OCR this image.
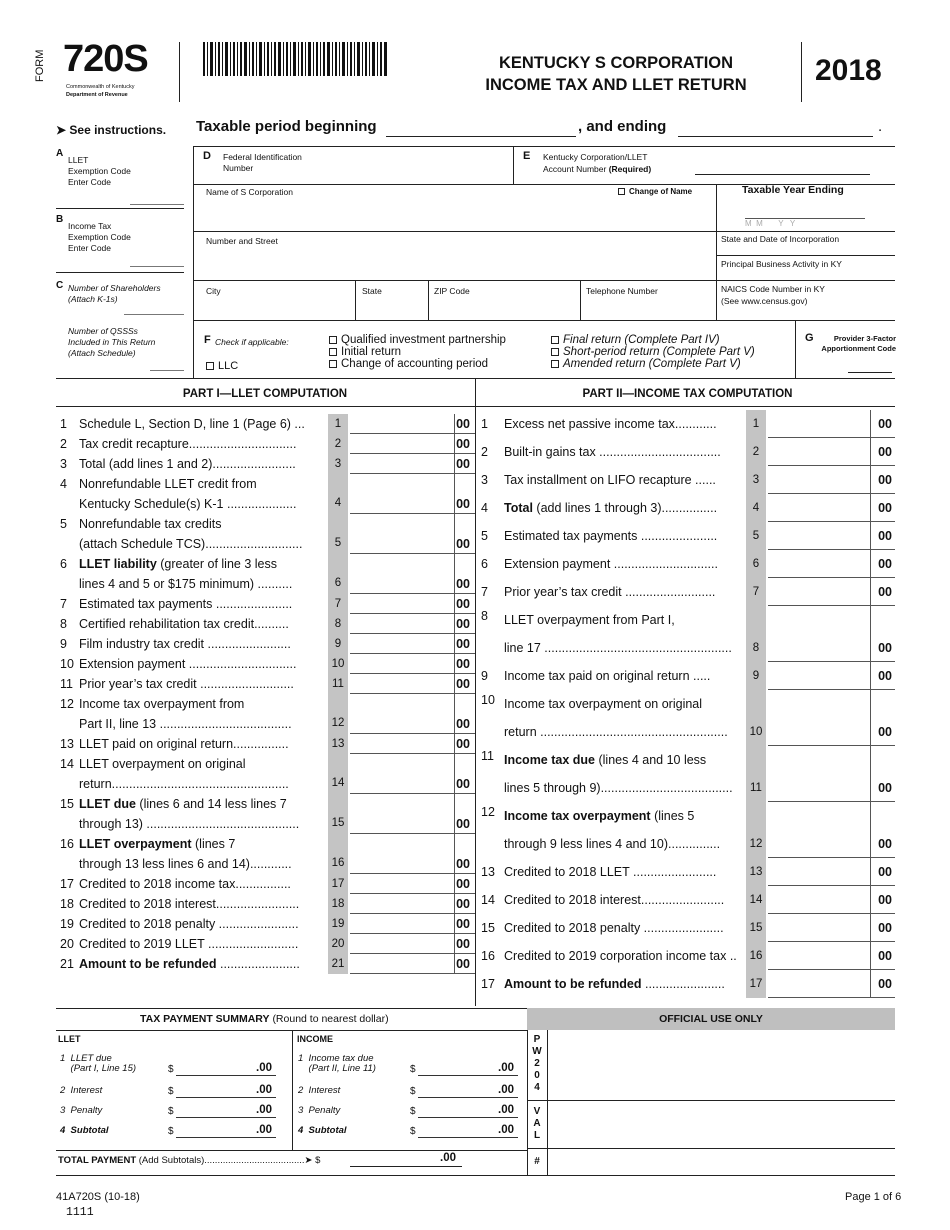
FORM 720S
Commonwealth of Kentucky
Department of Revenue
KENTUCKY S CORPORATION
INCOME TAX AND LLET RETURN	2018
➤ See instructions. Taxable period beginning	, and ending	.
A
LLET
Exemption Code
Enter Code
B
Income Tax
Exemption Code
Enter Code
C Number of Shareholders
(Attach K-1s)
Number of QSSSs
Included in This Return
(Attach Schedule)
D Federal Identification
Number
E Kentucky Corporation/LLET
Account Number (Required)
Name of S Corporation	Change of Name	Taxable Year Ending
M  M       Y   Y
Number and Street	State and Date of Incorporation
Principal Business Activity in KY
City	State	ZIP Code	Telephone Number	NAICS Code Number in KY
(See www.census.gov)
F Check if applicable:
LLC
Qualified investment partnership
Initial return
Change of accounting period
Final return (Complete Part IV)
Short-period return (Complete Part V)
Amended return (Complete Part V)
G	Provider 3-Factor
Apportionment Code
PART I—LLET COMPUTATION	PART II—INCOME TAX COMPUTATION
1 Schedule L, Section D, line 1 (Page 6) ...	1	00
2 Tax credit recapture...............................	2	00
3 Total (add lines 1 and 2)........................	3	00
4 Nonrefundable LLET credit from
Kentucky Schedule(s) K-1 ....................	4	00
5 Nonrefundable tax credits
(attach Schedule TCS)............................	5	00
6 LLET liability (greater of line 3 less
lines 4 and 5 or $175 minimum) ..........	6	00
7 Estimated tax payments ......................	7	00
8 Certified rehabilitation tax credit..........	8	00
9 Film industry tax credit ........................	9	00
10 Extension payment ...............................	10	00
11 Prior year’s tax credit ...........................	11	00
12 Income tax overpayment from
Part II, line 13 ......................................	12	00
13 LLET paid on original return................	13	00
14 LLET overpayment on original
return...................................................	14	00
15 LLET due (lines 6 and 14 less lines 7
through 13) ............................................	15	00
16 LLET overpayment (lines 7
through 13 less lines 6 and 14)............	16	00
17 Credited to 2018 income tax................	17	00
18 Credited to 2018 interest........................	18	00
19 Credited to 2018 penalty .......................	19	00
20 Credited to 2019 LLET ..........................	20	00
21 Amount to be refunded .......................	21	00
1 Excess net passive income tax............	1	00
2 Built-in gains tax ...................................	2	00
3 Tax installment on LIFO recapture ......	3	00
4 Total (add lines 1 through 3)................	4	00
5 Estimated tax payments ......................	5	00
6 Extension payment ..............................	6	00
7 Prior year’s tax credit ..........................	7	00
8 LLET overpayment from Part I,
line 17 ......................................................	8	00
9 Income tax paid on original return .....	9	00
10 Income tax overpayment on original
return ......................................................	10	00
11 Income tax due (lines 4 and 10 less
lines 5 through 9)......................................	11	00
12 Income tax overpayment (lines 5
through 9 less lines 4 and 10)...............	12	00
13 Credited to 2018 LLET ........................	13	00
14 Credited to 2018 interest........................	14	00
15 Credited to 2018 penalty .......................	15	00
16 Credited to 2019 corporation income tax ..	16	00
17 Amount to be refunded .......................	17	00
TAX PAYMENT SUMMARY (Round to nearest dollar)	OFFICIAL USE ONLY
LLET	INCOME	P
W
2
0
4
V
A
L
#
1  LLET due
(Part I, Line 15)	$	.00
2  Interest	$	.00
3  Penalty	$	.00
4  Subtotal	$	.00
1  Income tax due
(Part II, Line 11)	$	.00
2  Interest	$	.00
3  Penalty	$	.00
4  Subtotal	$	.00
TOTAL PAYMENT (Add Subtotals)......................................➤ $	.00
41A720S (10-18)	Page 1 of 6
1111
